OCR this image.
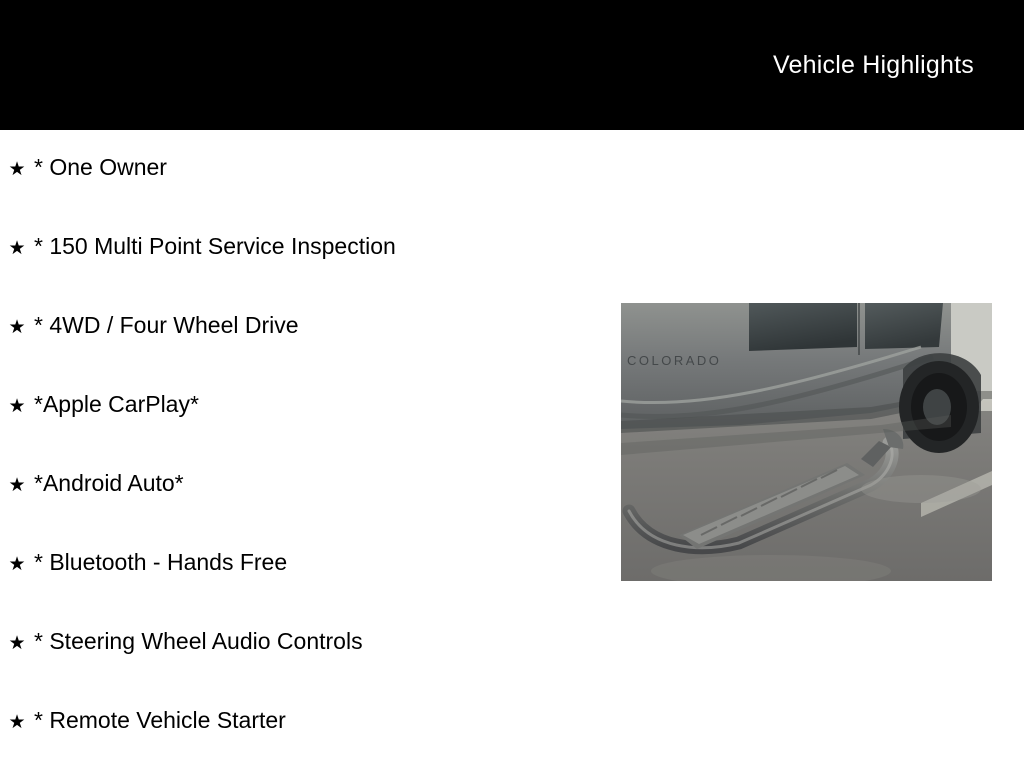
Vehicle Highlights
★ * One Owner
★ * 150 Multi Point Service Inspection
★ * 4WD / Four Wheel Drive
★ *Apple CarPlay*
★ *Android Auto*
★ * Bluetooth - Hands Free
★ * Steering Wheel Audio Controls
★ * Remote Vehicle Starter
COLORADO
